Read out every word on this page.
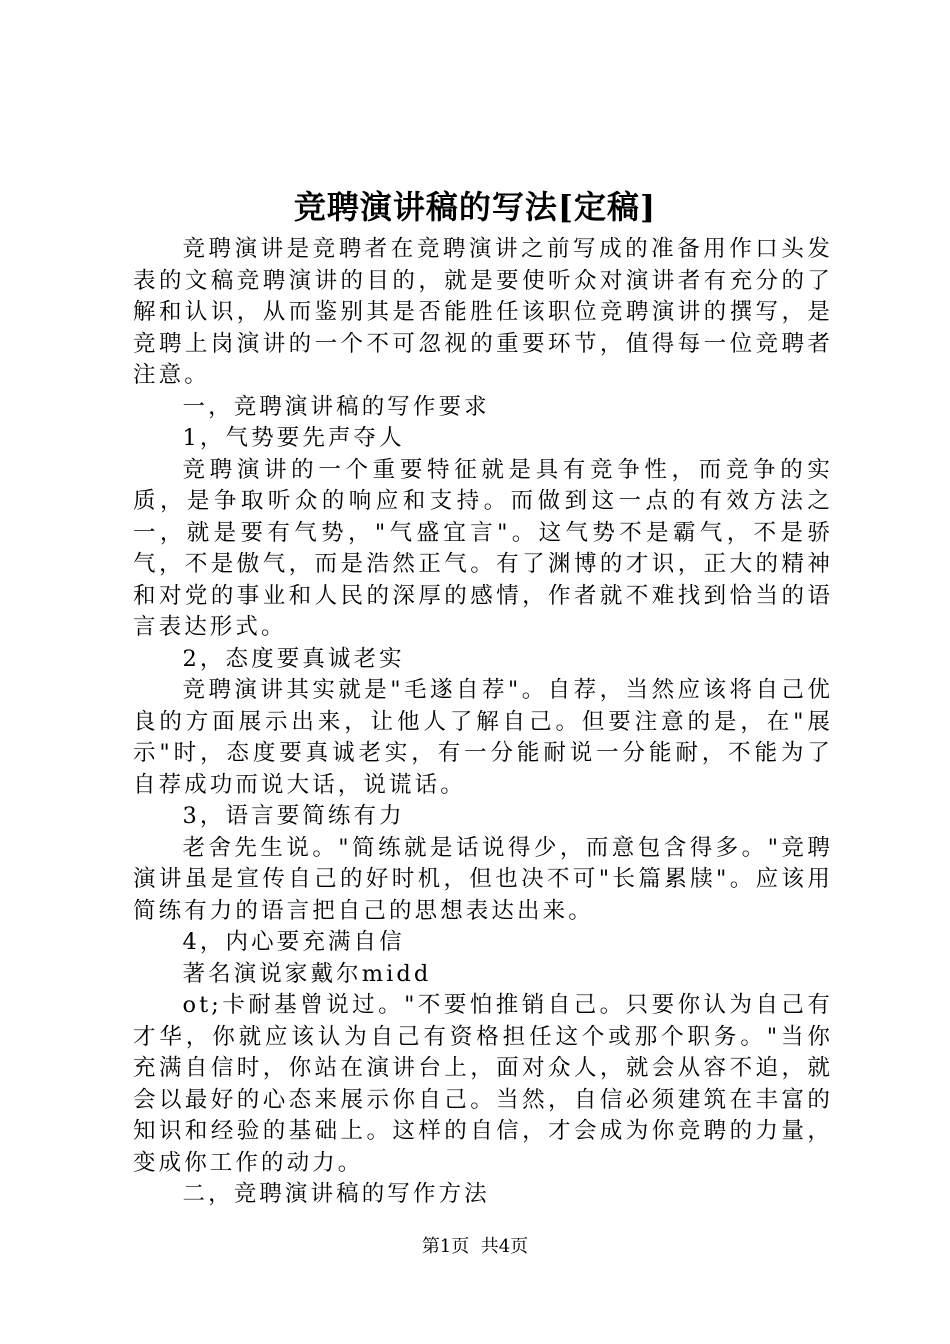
竞聘演讲稿的写法[定稿]

竞聘演讲是竞聘者在竞聘演讲之前写成的准备用作口头发表的文稿竞聘演讲的目的，就是要使听众对演讲者有充分的了解和认识，从而鉴别其是否能胜任该职位竞聘演讲的撰写，是竞聘上岗演讲的一个不可忽视的重要环节，值得每一位竞聘者注意。

一，竞聘演讲稿的写作要求

1，气势要先声夺人

竞聘演讲的一个重要特征就是具有竞争性，而竞争的实质，是争取听众的响应和支持。而做到这一点的有效方法之一，就是要有气势，"气盛宜言"。这气势不是霸气，不是骄气，不是傲气，而是浩然正气。有了渊博的才识，正大的精神和对党的事业和人民的深厚的感情，作者就不难找到恰当的语言表达形式。

2，态度要真诚老实

竞聘演讲其实就是"毛遂自荐"。自荐，当然应该将自己优良的方面展示出来，让他人了解自己。但要注意的是，在"展示"时，态度要真诚老实，有一分能耐说一分能耐，不能为了自荐成功而说大话，说谎话。

3，语言要简练有力

老舍先生说。"简练就是话说得少，而意包含得多。"竞聘演讲虽是宣传自己的好时机，但也决不可"长篇累牍"。应该用简练有力的语言把自己的思想表达出来。

4，内心要充满自信

著名演说家戴尔midd

ot;卡耐基曾说过。"不要怕推销自己。只要你认为自己有才华，你就应该认为自己有资格担任这个或那个职务。"当你充满自信时，你站在演讲台上，面对众人，就会从容不迫，就会以最好的心态来展示你自己。当然，自信必须建筑在丰富的知识和经验的基础上。这样的自信，才会成为你竞聘的力量，变成你工作的动力。

二，竞聘演讲稿的写作方法

第1页 共4页
